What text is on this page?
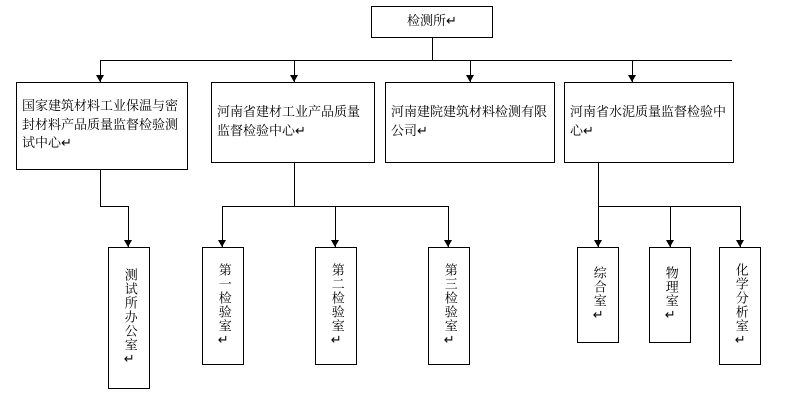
检测所↵
国家建筑材料工业保温与密封材料产品质量监督检验测试中心↵
河南省建材工业产品质量监督检验中心↵
河南建院建筑材料检测有限公司↵
河南省水泥质量监督检验中心↵
测试所办公室↵	第一检验室↵	第二检验室↵	第三检验室↵	综合室↵	物理室↵	化学分析室↵
